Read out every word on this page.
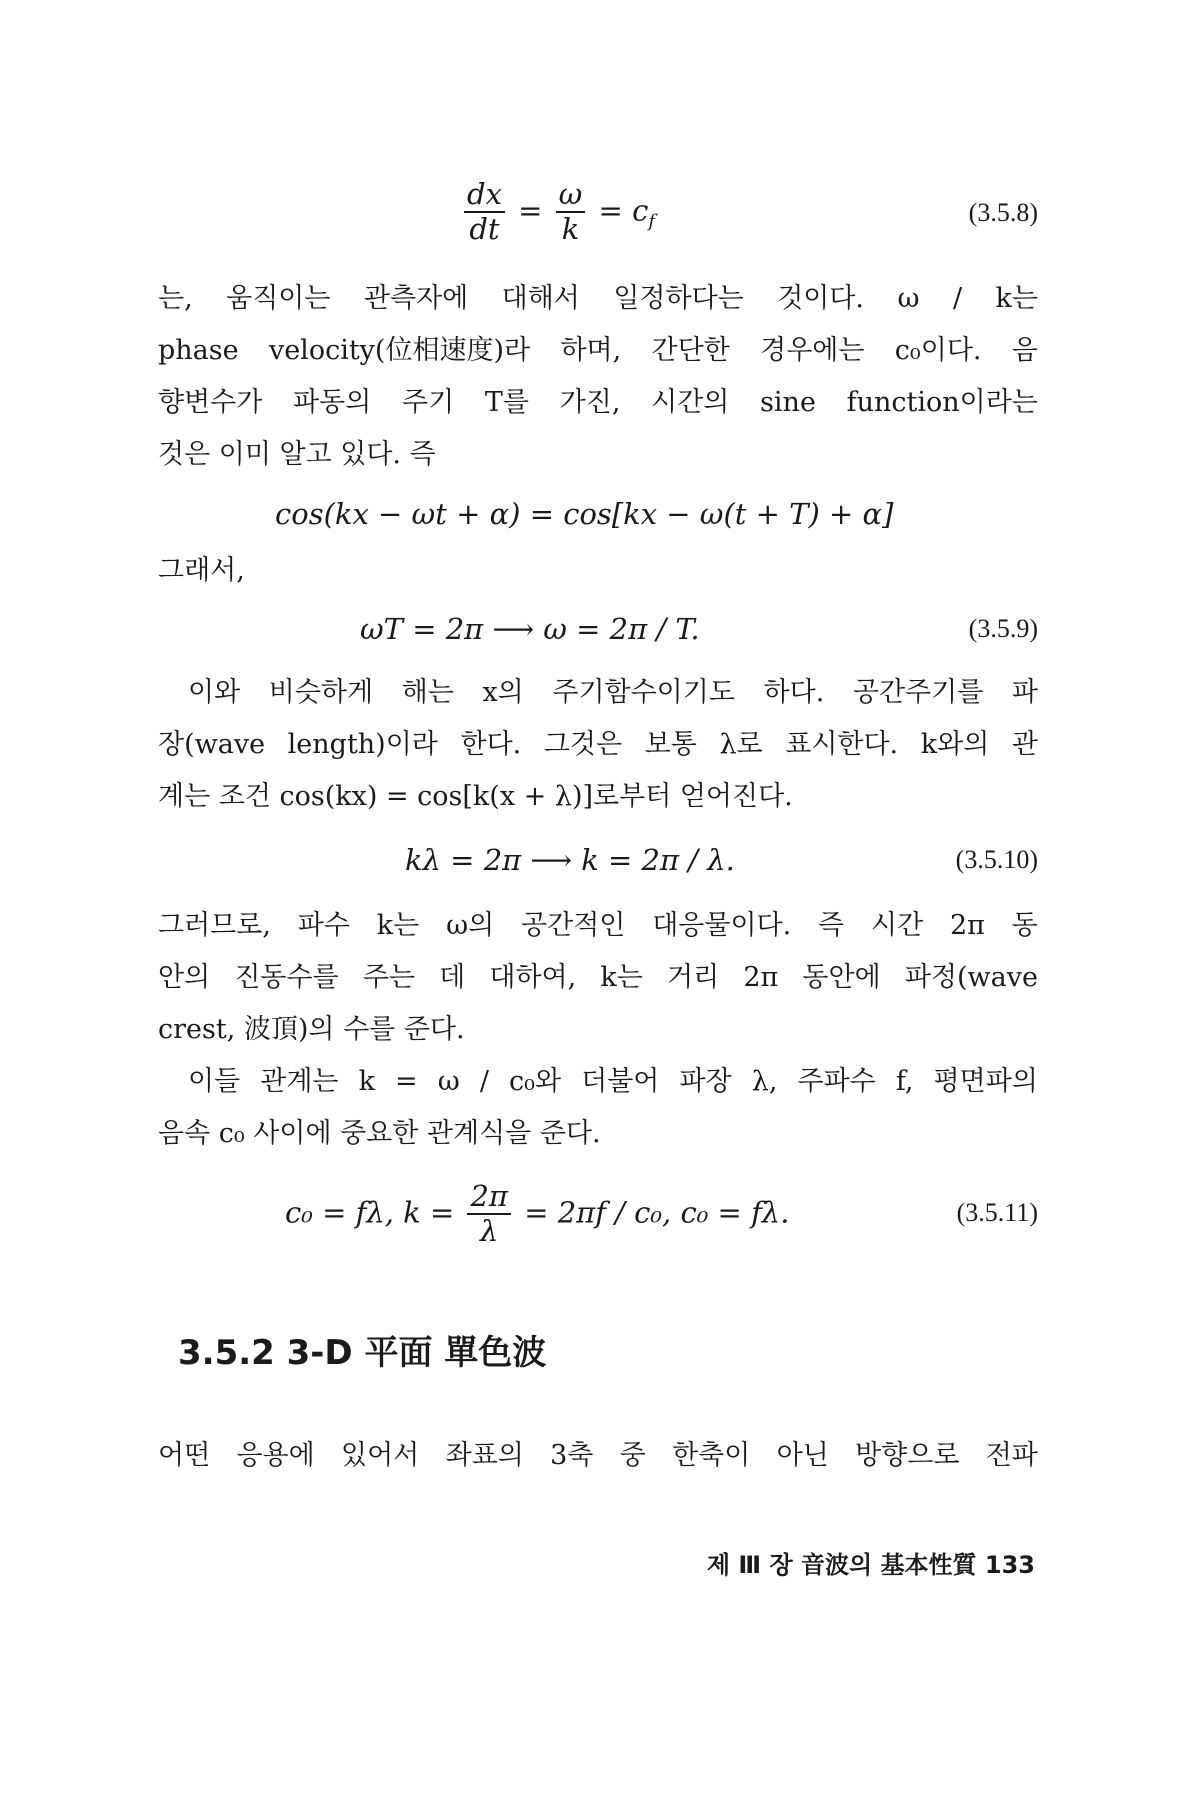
$\frac{dx}{dt} = \frac{\omega}{k} = c_f$	(3.5.8)
는, 움직이는 관측자에 대해서 일정하다는 것이다. ω / k는
phase velocity(位相速度)라 하며, 간단한 경우에는 c₀이다. 음
향변수가 파동의 주기 T를 가진, 시간의 sine function이라는
것은 이미 알고 있다. 즉
cos(kx − ωt + α) = cos[kx − ω(t + T) + α]
그래서,
ωT = 2π ⟶ ω = 2π / T.	(3.5.9)
이와 비슷하게 해는 x의 주기함수이기도 하다. 공간주기를 파
장(wave length)이라 한다. 그것은 보통 λ로 표시한다. k와의 관
계는 조건 cos(kx) = cos[k(x + λ)]로부터 얻어진다.
kλ = 2π ⟶ k = 2π / λ.	(3.5.10)
그러므로, 파수 k는 ω의 공간적인 대응물이다. 즉 시간 2π 동
안의 진동수를 주는 데 대하여, k는 거리 2π 동안에 파정(wave
crest, 波頂)의 수를 준다.
이들 관계는 k = ω / c₀와 더불어 파장 λ, 주파수 f, 평면파의
음속 c₀ 사이에 중요한 관계식을 준다.
c₀ = fλ, $k = \frac{2\pi}{\lambda} = 2\pi f / c_0$, c₀ = fλ.	(3.5.11)
3.5.2 3-D 平面 單色波
어떤 응용에 있어서 좌표의 3축 중 한축이 아닌 방향으로 전파
제 Ⅲ 장 音波의 基本性質 133
